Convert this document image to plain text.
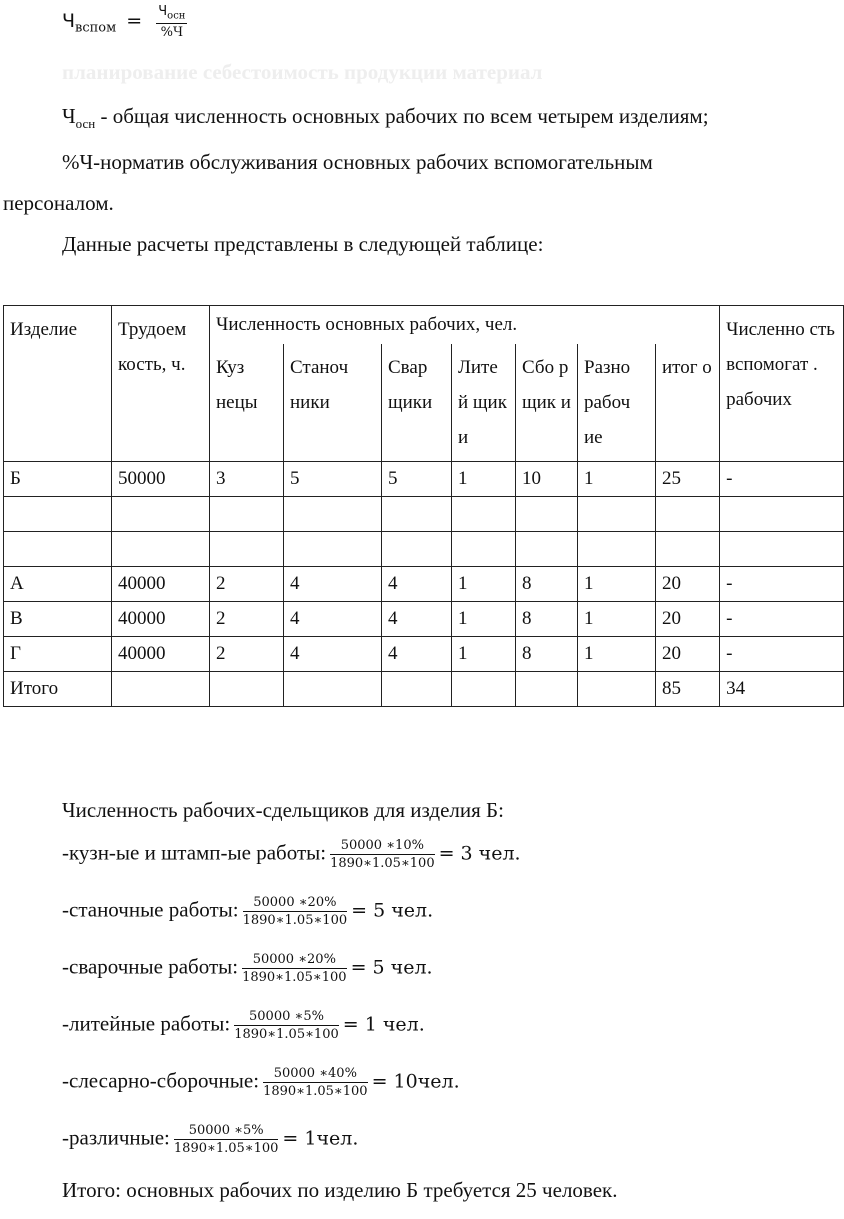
$Ч_{вспом} = \frac{Ч_{осн}}{\%Ч}$
планирование себестоимость продукции материал
$Ч_{осн}$ - общая численность основных рабочих по всем четырем изделиям;
%Ч-норматив обслуживания основных рабочих вспомогательным
персоналом.
Данные расчеты представлены в следующей таблице:
Изделие	Трудоем кость, ч.	Численность основных рабочих, чел.							Численно сть вспомогат . рабочих
		Куз нецы	Станоч ники	Свар щики	Лите й щик и	Сбо р щик и	Разно рабоч ие	итог о	
Б	50000	3	5	5	1	10	1	25	-

А	40000	2	4	4	1	8	1	20	-
В	40000	2	4	4	1	8	1	20	-
Г	40000	2	4	4	1	8	1	20	-
Итого								85	34
Численность рабочих-сдельщиков для изделия Б:
-кузн-ые и штамп-ые работы: $\frac{50000 ∗10\%}{1890∗1.05∗100} = 3$ чел.
-станочные работы: $\frac{50000 ∗20\%}{1890∗1.05∗100} = 5$ чел.
-сварочные работы: $\frac{50000 ∗20\%}{1890∗1.05∗100} = 5$ чел.
-литейные работы: $\frac{50000 ∗5\%}{1890∗1.05∗100} = 1$ чел.
-слесарно-сборочные: $\frac{50000 ∗40\%}{1890∗1.05∗100} = 10чел$.
-различные: $\frac{50000 ∗5\%}{1890∗1.05∗100} = 1чел$.
Итого: основных рабочих по изделию Б требуется 25 человек.
